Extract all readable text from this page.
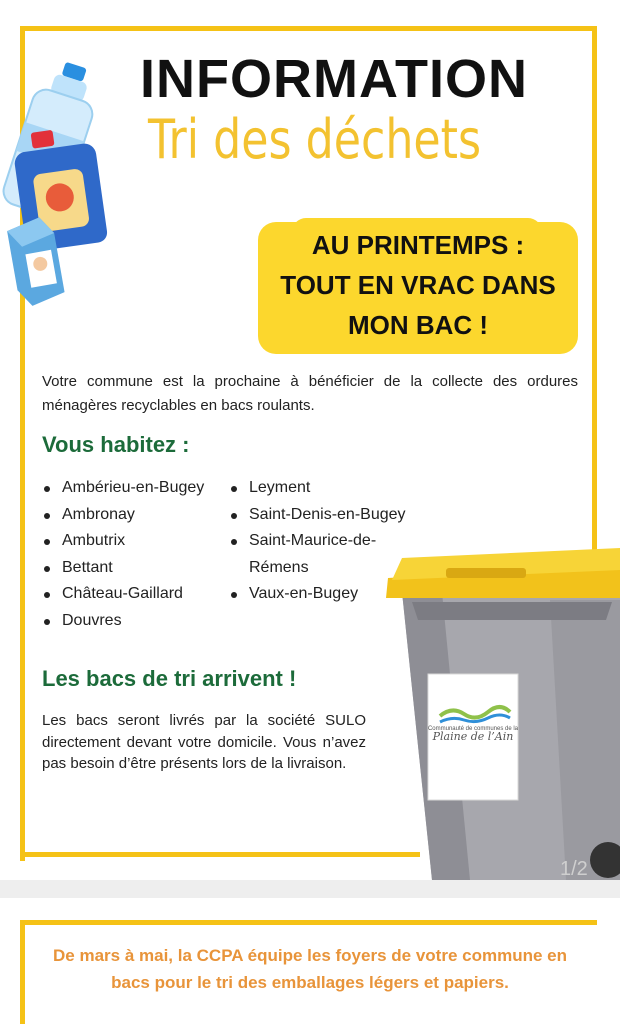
INFORMATION
Tri des déchets
AU PRINTEMPS :
TOUT EN VRAC DANS
MON BAC !
Votre commune est la prochaine à bénéficier de la collecte des ordures ménagères recyclables en bacs roulants.
Vous habitez :
Ambérieu-en-Bugey
Ambronay
Ambutrix
Bettant
Château-Gaillard
Douvres
Leyment
Saint-Denis-en-Bugey
Saint-Maurice-de-
Rémens
Vaux-en-Bugey
Les bacs de tri arrivent !
Les bacs seront livrés par la société SULO directement devant votre domicile. Vous n’avez pas besoin d’être présents lors de la livraison.
Communauté de communes de la
Plaine de l’Ain
1/2
De mars à mai, la CCPA équipe les foyers de votre commune en bacs pour le tri des emballages légers et papiers.
